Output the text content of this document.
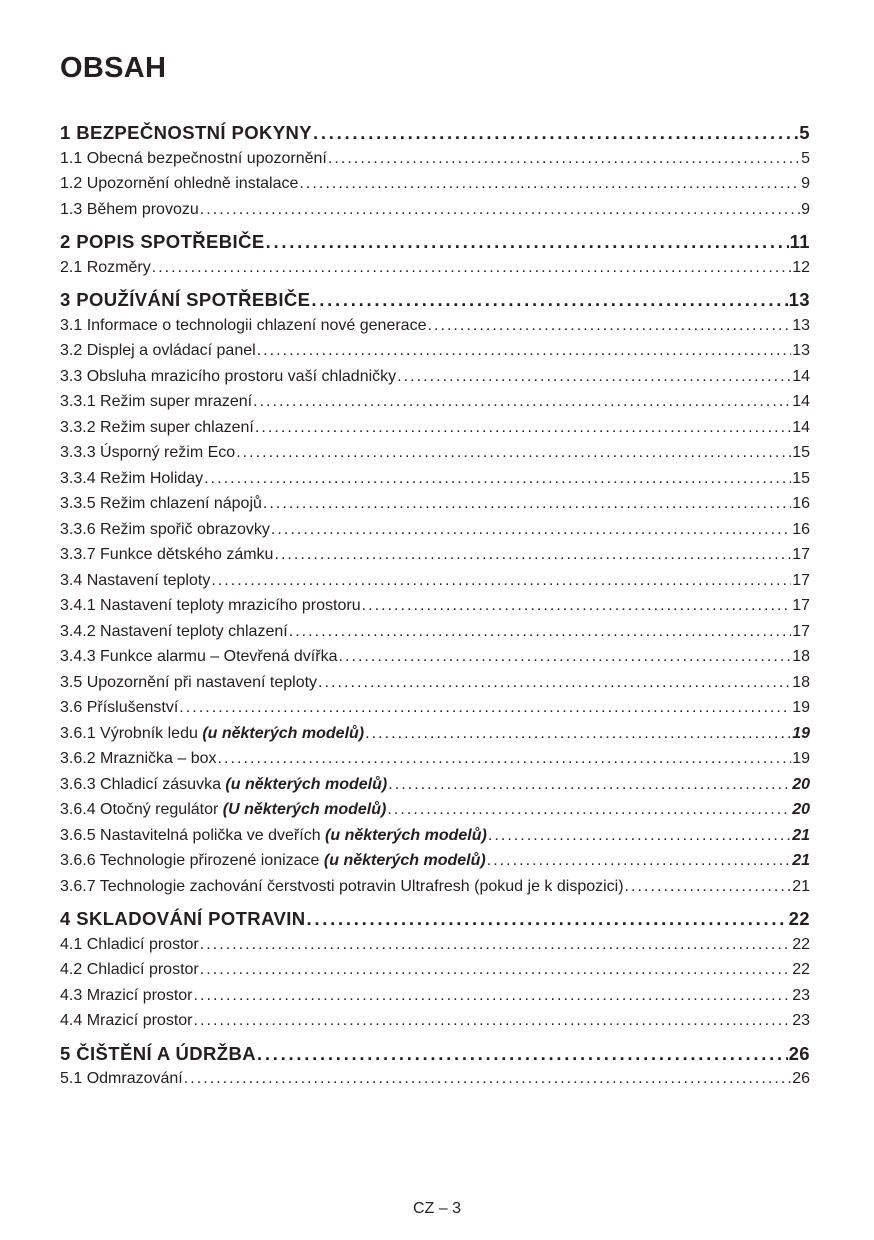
OBSAH
1 BEZPEČNOSTNÍ POKYNY . . .	5
1.1 Obecná bezpečnostní upozornění . . .	5
1.2 Upozornění ohledně instalace . . .	9
1.3 Během provozu . . .	9
2 POPIS SPOTŘEBIČE . . .	11
2.1 Rozměry . . .	12
3 POUŽÍVÁNÍ SPOTŘEBIČE . . .	13
3.1 Informace o technologii chlazení nové generace . . .	13
3.2 Displej a ovládací panel . . .	13
3.3 Obsluha mrazicího prostoru vaší chladničky . . .	14
3.3.1 Režim super mrazení . . .	14
3.3.2 Režim super chlazení . . .	14
3.3.3 Úsporný režim Eco . . .	15
3.3.4 Režim Holiday . . .	15
3.3.5 Režim chlazení nápojů . . .	16
3.3.6 Režim spořič obrazovky . . .	16
3.3.7 Funkce dětského zámku . . .	17
3.4 Nastavení teploty . . .	17
3.4.1 Nastavení teploty mrazicího prostoru . . .	17
3.4.2 Nastavení teploty chlazení . . .	17
3.4.3 Funkce alarmu – Otevřená dvířka . . .	18
3.5 Upozornění při nastavení teploty . . .	18
3.6 Příslušenství . . .	19
3.6.1 Výrobník ledu (u některých modelů) . . .	19
3.6.2 Mraznička – box . . .	19
3.6.3 Chladicí zásuvka (u některých modelů) . . .	20
3.6.4 Otočný regulátor (U některých modelů) . . .	20
3.6.5 Nastavitelná polička ve dveřích (u některých modelů) . . .	21
3.6.6 Technologie přirozené ionizace (u některých modelů) . . .	21
3.6.7 Technologie zachování čerstvosti potravin Ultrafresh (pokud je k dispozici) . . .	21
4 SKLADOVÁNÍ POTRAVIN . . .	22
4.1 Chladicí prostor . . .	22
4.2 Chladicí prostor . . .	22
4.3 Mrazicí prostor . . .	23
4.4 Mrazicí prostor . . .	23
5 ČIŠTĚNÍ A ÚDRŽBA . . .	26
5.1 Odmrazování . . .	26
CZ – 3
